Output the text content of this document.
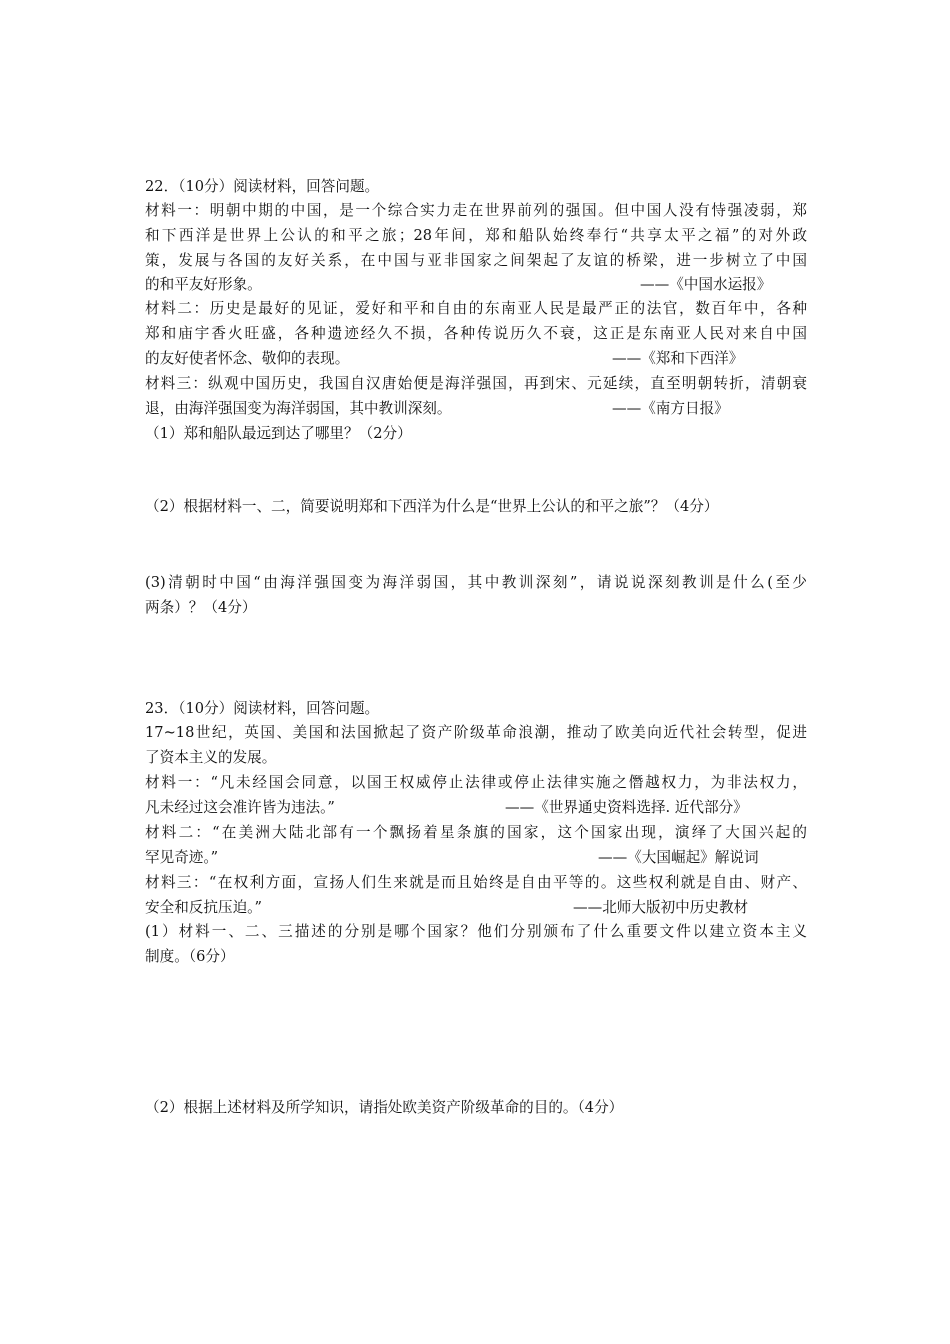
22．（10分）阅读材料，回答问题。
材料一：明朝中期的中国，是一个综合实力走在世界前列的强国。但中国人没有恃强凌弱，郑
和下西洋是世界上公认的和平之旅；28年间，郑和船队始终奉行“共享太平之福”的对外政
策，发展与各国的友好关系，在中国与亚非国家之间架起了友谊的桥梁，进一步树立了中国
的和平友好形象。	——《中国水运报》
材料二：历史是最好的见证，爱好和平和自由的东南亚人民是最严正的法官，数百年中，各种
郑和庙宇香火旺盛，各种遗迹经久不损，各种传说历久不衰，这正是东南亚人民对来自中国
的友好使者怀念、敬仰的表现。	——《郑和下西洋》
材料三：纵观中国历史，我国自汉唐始便是海洋强国，再到宋、元延续，直至明朝转折，清朝衰
退，由海洋强国变为海洋弱国，其中教训深刻。	——《南方日报》
（1）郑和船队最远到达了哪里？（2分）
（2）根据材料一、二，简要说明郑和下西洋为什么是“世界上公认的和平之旅”？（4分）
(3)清朝时中国“由海洋强国变为海洋弱国，其中教训深刻”，请说说深刻教训是什么(至少
两条）？（4分）
23．（10分）阅读材料，回答问题。
17~18世纪，英国、美国和法国掀起了资产阶级革命浪潮，推动了欧美向近代社会转型，促进
了资本主义的发展。
材料一：“凡未经国会同意，以国王权威停止法律或停止法律实施之僭越权力，为非法权力，
凡未经过这会准许皆为违法。”	——《世界通史资料选择. 近代部分》
材料二：“在美洲大陆北部有一个飘扬着星条旗的国家，这个国家出现，演绎了大国兴起的
罕见奇迹。”	——《大国崛起》解说词
材料三：“在权利方面，宣扬人们生来就是而且始终是自由平等的。这些权利就是自由、财产、
安全和反抗压迫。”	——北师大版初中历史教材
(1）材料一、二、三描述的分别是哪个国家？他们分别颁布了什么重要文件以建立资本主义
制度。（6分）
（2）根据上述材料及所学知识，请指处欧美资产阶级革命的目的。（4分）
